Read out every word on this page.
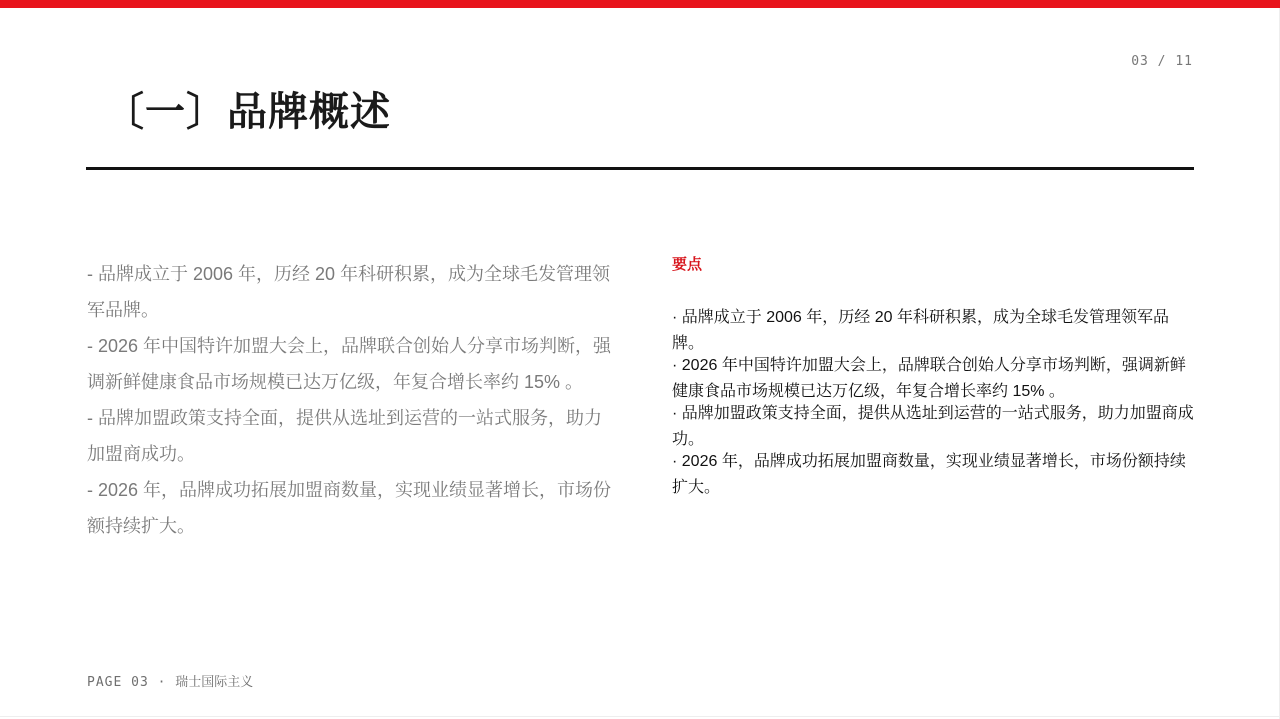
03 / 11
〔一〕品牌概述

- 品牌成立于 2006 年，历经 20 年科研积累，成为全球毛发管理领军品牌。

- 2026 年中国特许加盟大会上，品牌联合创始人分享市场判断，强调新鲜健康食品市场规模已达万亿级，年复合增长率约 15% 。

- 品牌加盟政策支持全面，提供从选址到运营的一站式服务，助力加盟商成功。

- 2026 年，品牌成功拓展加盟商数量，实现业绩显著增长，市场份额持续扩大。

要点

· 品牌成立于 2006 年，历经 20 年科研积累，成为全球毛发管理领军品牌。
· 2026 年中国特许加盟大会上，品牌联合创始人分享市场判断，强调新鲜健康食品市场规模已达万亿级，年复合增长率约 15% 。
· 品牌加盟政策支持全面，提供从选址到运营的一站式服务，助力加盟商成功。
· 2026 年，品牌成功拓展加盟商数量，实现业绩显著增长，市场份额持续扩大。
PAGE 03 · 瑞士国际主义
